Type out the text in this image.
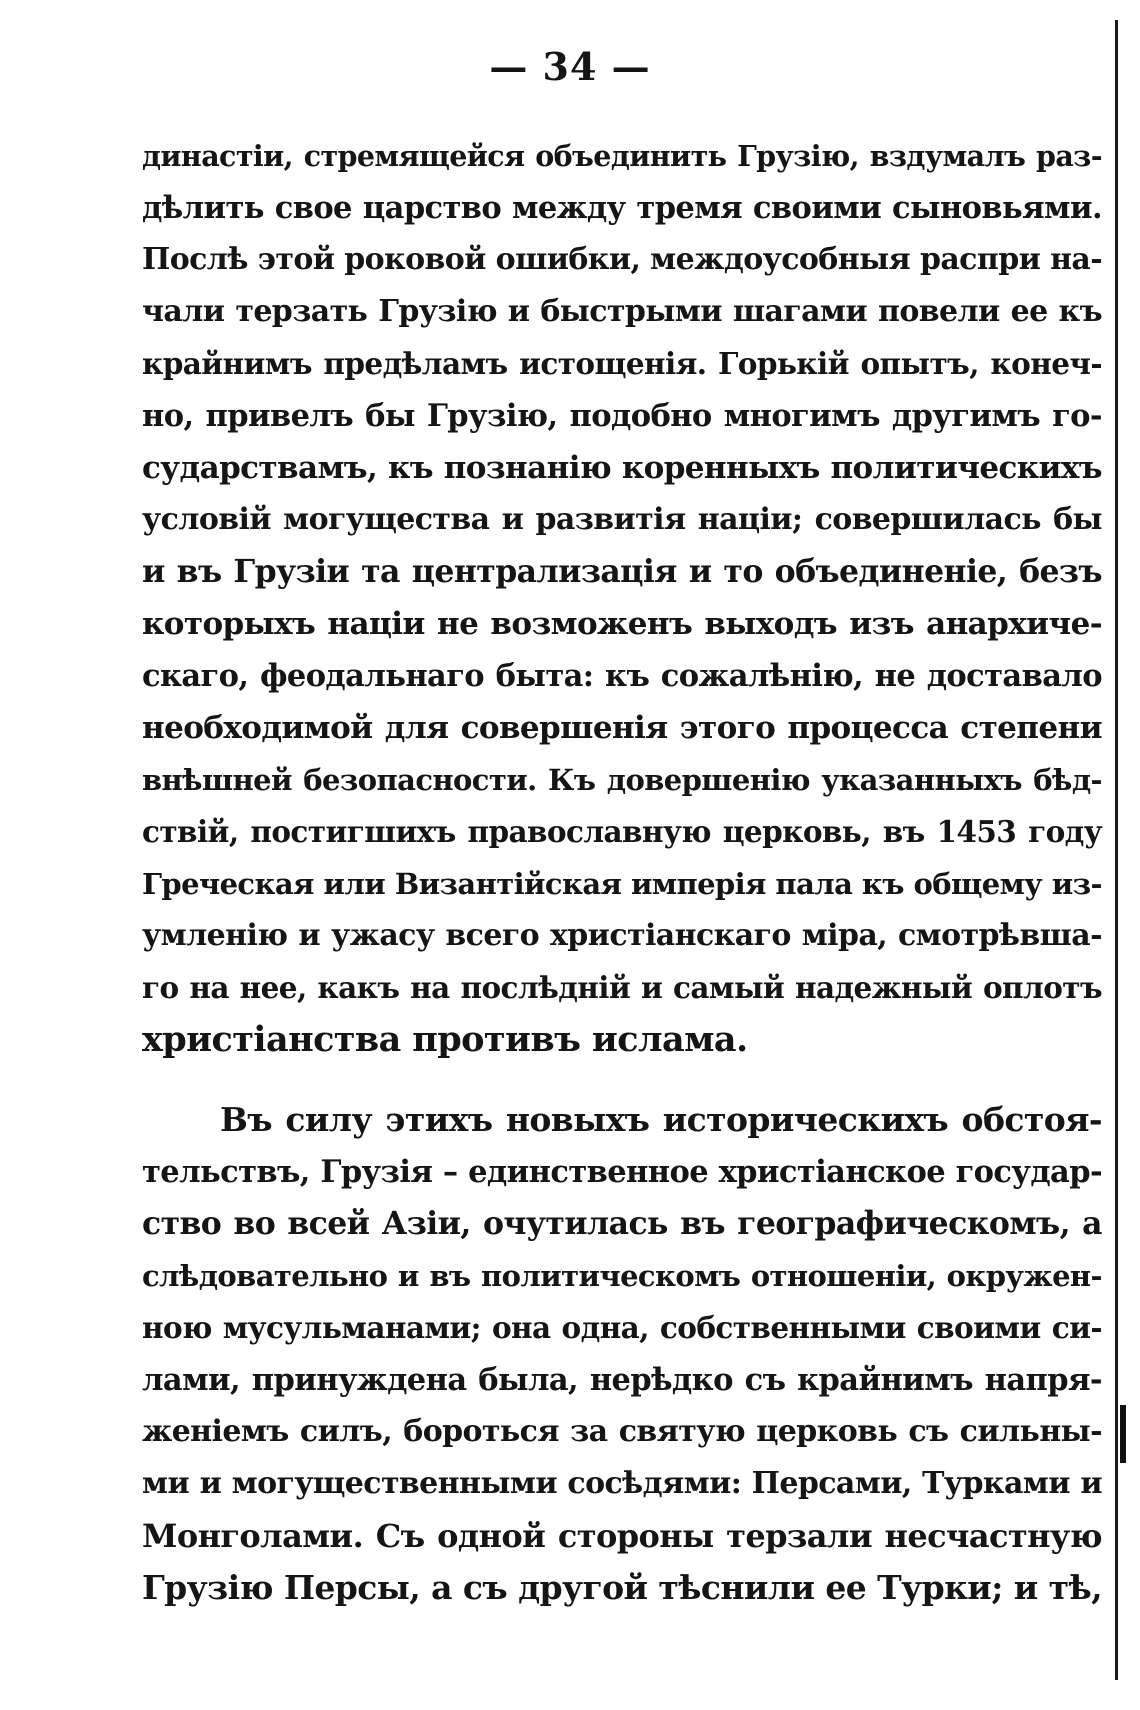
— 34 —

династіи, стремящейся объединить Грузію, вздумалъ раз-
дѣлить свое царство между тремя своими сыновьями.
Послѣ этой роковой ошибки, междоусобныя распри на-
чали терзать Грузію и быстрыми шагами повели ее къ
крайнимъ предѣламъ истощенія. Горькій опытъ, конеч-
но, привелъ бы Грузію, подобно многимъ другимъ го-
сударствамъ, къ познанію коренныхъ политическихъ
условій могущества и развитія націи; совершилась бы
и въ Грузіи та централизація и то объединеніе, безъ
которыхъ націи не возможенъ выходъ изъ анархиче-
скаго, феодальнаго быта: къ сожалѣнію, не доставало
необходимой для совершенія этого процесса степени
внѣшней безопасности. Къ довершенію указанныхъ бѣд-
ствій, постигшихъ православную церковь, въ 1453 году
Греческая или Византійская имперія пала къ общему из-
умленію и ужасу всего христіанскаго міра, смотрѣвша-
го на нее, какъ на послѣдній и самый надежный оплотъ
христіанства противъ ислама.
Въ силу этихъ новыхъ историческихъ обстоя-
тельствъ, Грузія – единственное христіанское государ-
ство во всей Азіи, очутилась въ географическомъ, а
слѣдовательно и въ политическомъ отношеніи, окружен-
ною мусульманами; она одна, собственными своими си-
лами, принуждена была, нерѣдко съ крайнимъ напря-
женіемъ силъ, бороться за святую церковь съ сильны-
ми и могущественными сосѣдями: Персами, Турками и
Монголами. Съ одной стороны терзали несчастную
Грузію Персы, а съ другой тѣснили ее Турки; и тѣ,
